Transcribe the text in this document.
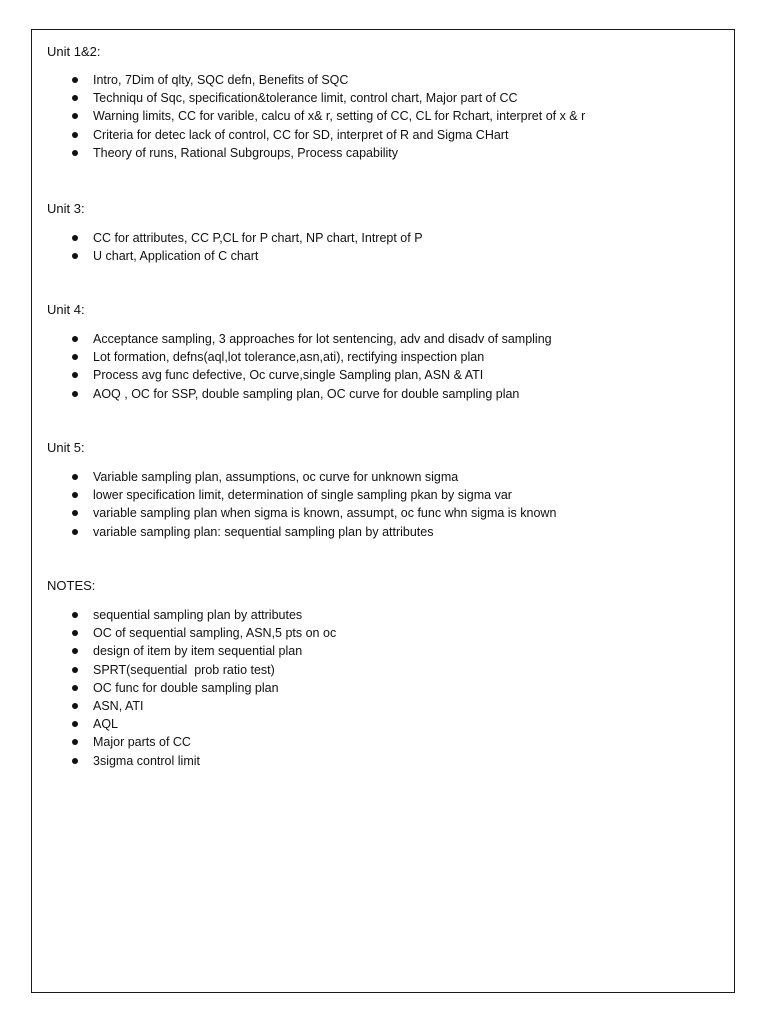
Unit 1&2:

Intro, 7Dim of qlty, SQC defn, Benefits of SQC
Techniqu of Sqc, specification&tolerance limit, control chart, Major part of CC
Warning limits, CC for varible, calcu of x& r, setting of CC, CL for Rchart, interpret of x & r
Criteria for detec lack of control, CC for SD, interpret of R and Sigma CHart
Theory of runs, Rational Subgroups, Process capability

Unit 3:

CC for attributes, CC P,CL for P chart, NP chart, Intrept of P
U chart, Application of C chart

Unit 4:

Acceptance sampling, 3 approaches for lot sentencing, adv and disadv of sampling
Lot formation, defns(aql,lot tolerance,asn,ati), rectifying inspection plan
Process avg func defective, Oc curve,single Sampling plan, ASN & ATI
AOQ , OC for SSP, double sampling plan, OC curve for double sampling plan

Unit 5:

Variable sampling plan, assumptions, oc curve for unknown sigma
lower specification limit, determination of single sampling pkan by sigma var
variable sampling plan when sigma is known, assumpt, oc func whn sigma is known
variable sampling plan: sequential sampling plan by attributes

NOTES:

sequential sampling plan by attributes
OC of sequential sampling, ASN,5 pts on oc
design of item by item sequential plan
SPRT(sequential  prob ratio test)
OC func for double sampling plan
ASN, ATI
AQL
Major parts of CC
3sigma control limit
